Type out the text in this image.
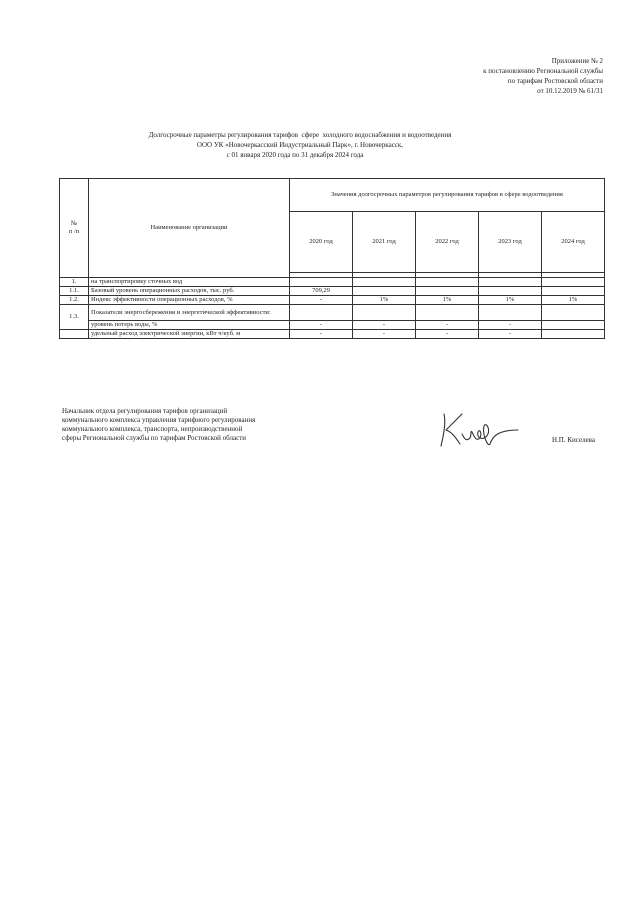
Приложение № 2
к постановлению Региональной службы
по тарифам Ростовской области
от 10.12.2019 № 61/31
Долгосрочные параметры регулирования тарифов  сфере  холодного водоснабжения и водоотведения
ООО УК «Новочеркасский Индустриальный Парк», г. Новочеркасск,
с 01 января 2020 года по 31 декабря 2024 года
№
п /п	Наименование организации	Значения долгосрочных параметров регулирования тарифов в сфере водоотведения				
		2020 год	2021 год	2022 год	2023 год	2024 год

1.	на транспортировку сточных вод					
1.1.	Базовый уровень операционных расходов, тыс. руб.	709,29				
1.2.	Индекс эффективности операционных расходов, %	-	1%	1%	1%	1%
1.3.	Показатели энергосбережения и энергетической эффективности:					
	уровень потерь воды, %	-	-	-	-	
	удельный расход электрической энергии, кВт ч/куб. м	-	-	-	-	
Начальник отдела регулирования тарифов организаций
коммунального комплекса управления тарифного регулирования
коммунального комплекса, транспорта, непроизводственной
сферы Региональной службы по тарифам Ростовской области	Н.П. Киселева
